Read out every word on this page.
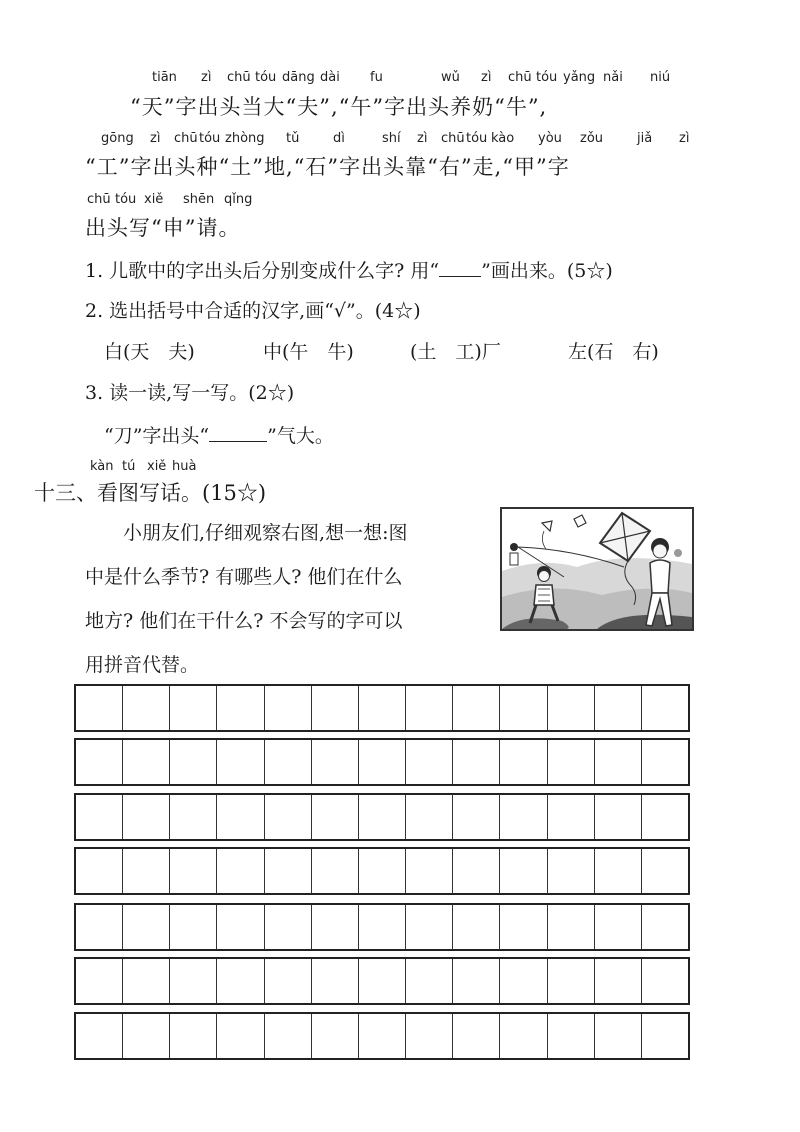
tiān zì chū tóu dāng dài fu	wǔ zì chū tóu yǎng nǎi niú
“天”字出头当大“夫”,“午”字出头养奶“牛”,
gōng zì chū tóu zhòng tǔ	dì	shí zì chū tóu kào yòu zǒu	jiǎ zì
“工”字出头种“土”地,“石”字出头靠“右”走,“甲”字
chū tóu xiě shēn qǐng
出头写“申”请。
1. 儿歌中的字出头后分别变成什么字? 用“ ”画出来。(5☆)
2. 选出括号中合适的汉字,画“√”。(4☆)
白(天　夫)	中(午　牛)	(土　工)厂	左(石　右)
3. 读一读,写一写。(2☆)
“刀”字出头“	”气大。
kàn tú xiě huà
十三、看图写话。(15☆)
小朋友们,仔细观察右图,想一想:图
中是什么季节? 有哪些人? 他们在什么
地方? 他们在干什么? 不会写的字可以
用拼音代替。
